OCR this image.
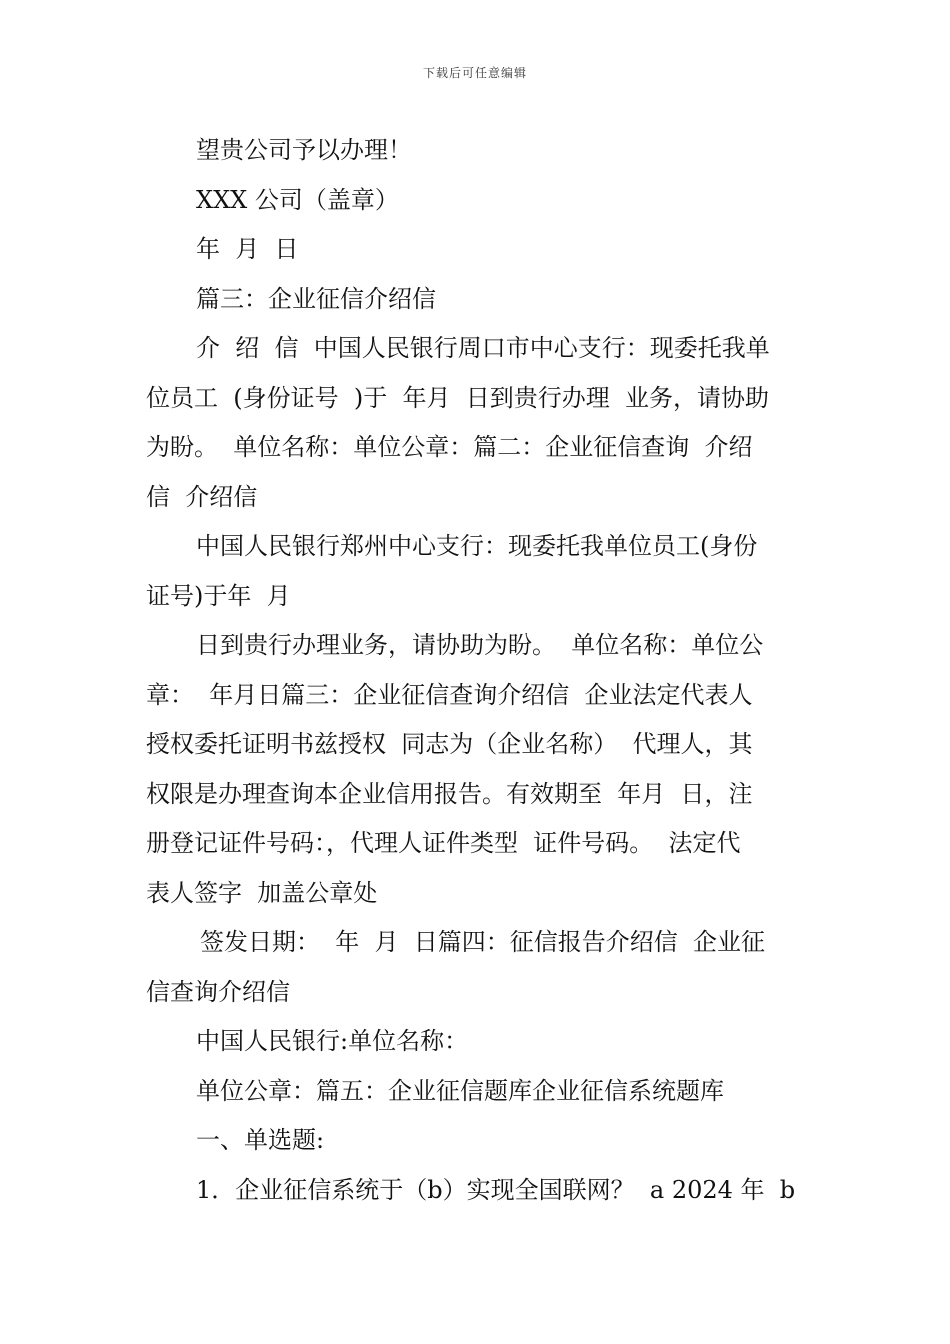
下载后可任意编辑

望贵公司予以办理！

XXX 公司（盖章）

年  月  日

篇三：企业征信介绍信

介  绍  信  中国人民银行周口市中心支行：现委托我单

位员工  (身份证号  )于  年月  日到贵行办理  业务，请协助

为盼。  单位名称：单位公章：篇二：企业征信查询  介绍

信  介绍信

中国人民银行郑州中心支行：现委托我单位员工(身份

证号)于年  月

日到贵行办理业务，请协助为盼。  单位名称：单位公

章：  年月日篇三：企业征信查询介绍信  企业法定代表人

授权委托证明书兹授权  同志为（企业名称）  代理人，其

权限是办理查询本企业信用报告。有效期至  年月  日，注

册登记证件号码：，代理人证件类型  证件号码。  法定代

表人签字  加盖公章处

签发日期：  年  月  日篇四：征信报告介绍信  企业征

信查询介绍信

中国人民银行:单位名称：

单位公章：篇五：企业征信题库企业征信系统题库

一、单选题:

1．企业征信系统于（b）实现全国联网？  a 2024 年  b
